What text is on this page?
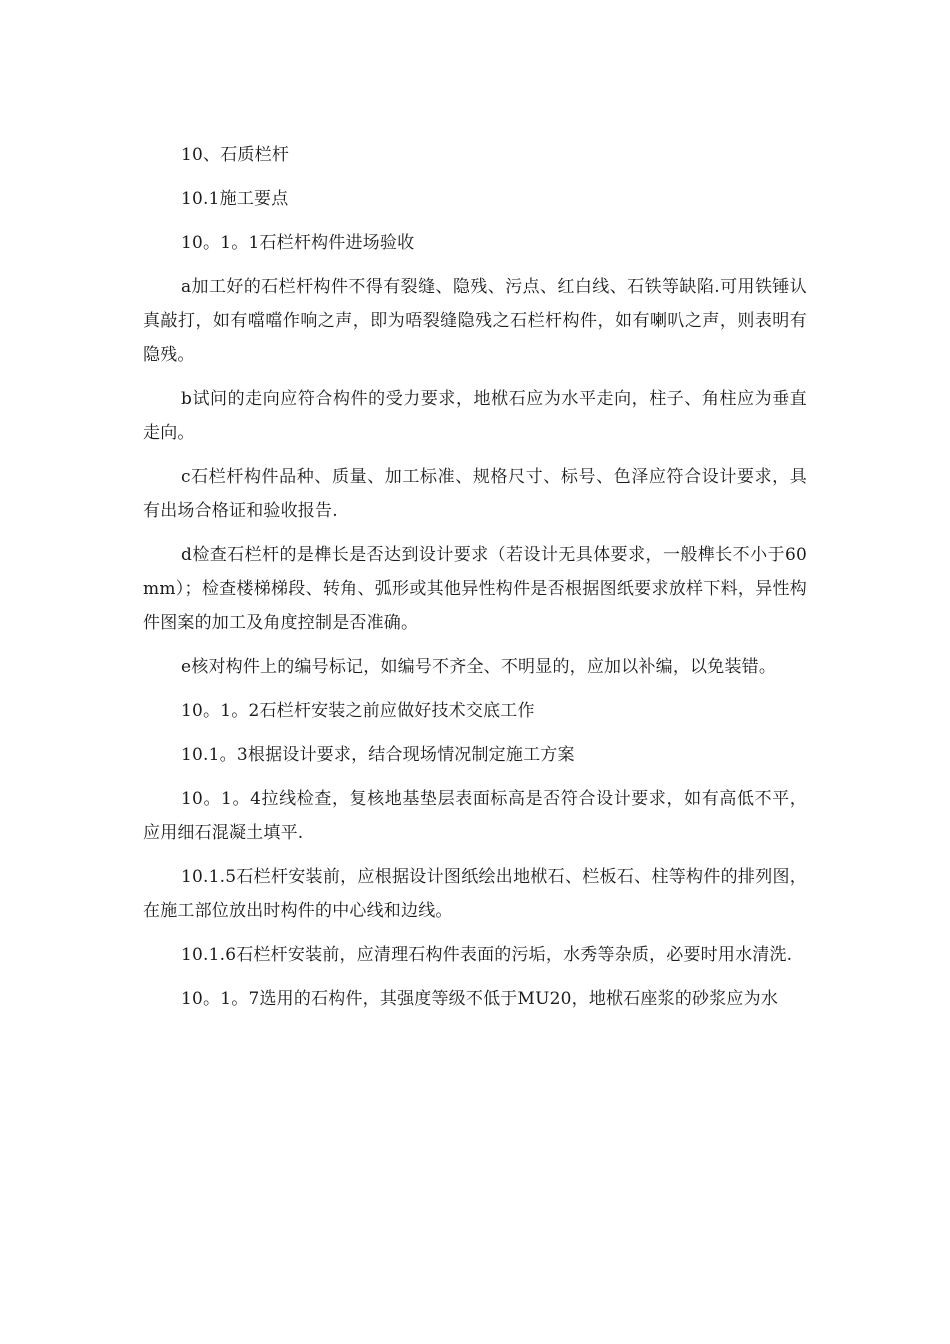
10、石质栏杆

10.1施工要点

10。1。1石栏杆构件进场验收

a加工好的石栏杆构件不得有裂缝、隐残、污点、红白线、石铁等缺陷.可用铁锤认真敲打，如有噹噹作响之声，即为唔裂缝隐残之石栏杆构件，如有喇叭之声，则表明有隐残。

b试问的走向应符合构件的受力要求，地栿石应为水平走向，柱子、角柱应为垂直走向。

c石栏杆构件品种、质量、加工标准、规格尺寸、标号、色泽应符合设计要求，具有出场合格证和验收报告.

d检查石栏杆的是榫长是否达到设计要求（若设计无具体要求，一般榫长不小于60mm）；检查楼梯梯段、转角、弧形或其他异性构件是否根据图纸要求放样下料，异性构件图案的加工及角度控制是否准确。

e核对构件上的编号标记，如编号不齐全、不明显的，应加以补编，以免装错。

10。1。2石栏杆安装之前应做好技术交底工作

10.1。3根据设计要求，结合现场情况制定施工方案

10。1。4拉线检查，复核地基垫层表面标高是否符合设计要求，如有高低不平，应用细石混凝土填平.

10.1.5石栏杆安装前，应根据设计图纸绘出地栿石、栏板石、柱等构件的排列图，在施工部位放出时构件的中心线和边线。

10.1.6石栏杆安装前，应清理石构件表面的污垢，水秀等杂质，必要时用水清洗.

10。1。7选用的石构件，其强度等级不低于MU20，地栿石座浆的砂浆应为水
